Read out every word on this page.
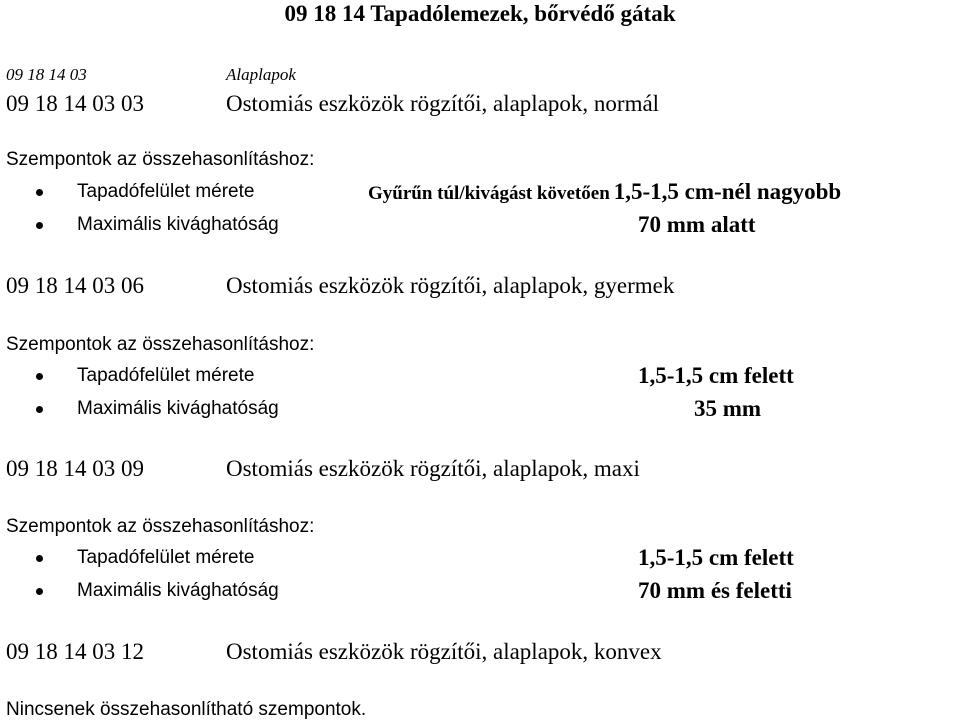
09 18 14 Tapadólemezek, bőrvédő gátak
09 18 14 03	Alaplapok
09 18 14 03 03	Ostomiás eszközök rögzítői, alaplapok, normál
Szempontok az összehasonlításhoz:
Tapadófelület mérete	Gyűrűn túl/kivágást követően 1,5-1,5 cm-nél nagyobb
Maximális kivághatóság	70 mm alatt
09 18 14 03 06	Ostomiás eszközök rögzítői, alaplapok, gyermek
Szempontok az összehasonlításhoz:
Tapadófelület mérete	1,5-1,5 cm felett
Maximális kivághatóság	35 mm
09 18 14 03 09	Ostomiás eszközök rögzítői, alaplapok, maxi
Szempontok az összehasonlításhoz:
Tapadófelület mérete	1,5-1,5 cm felett
Maximális kivághatóság	70 mm és feletti
09 18 14 03 12	Ostomiás eszközök rögzítői, alaplapok, konvex
Nincsenek összehasonlítható szempontok.
